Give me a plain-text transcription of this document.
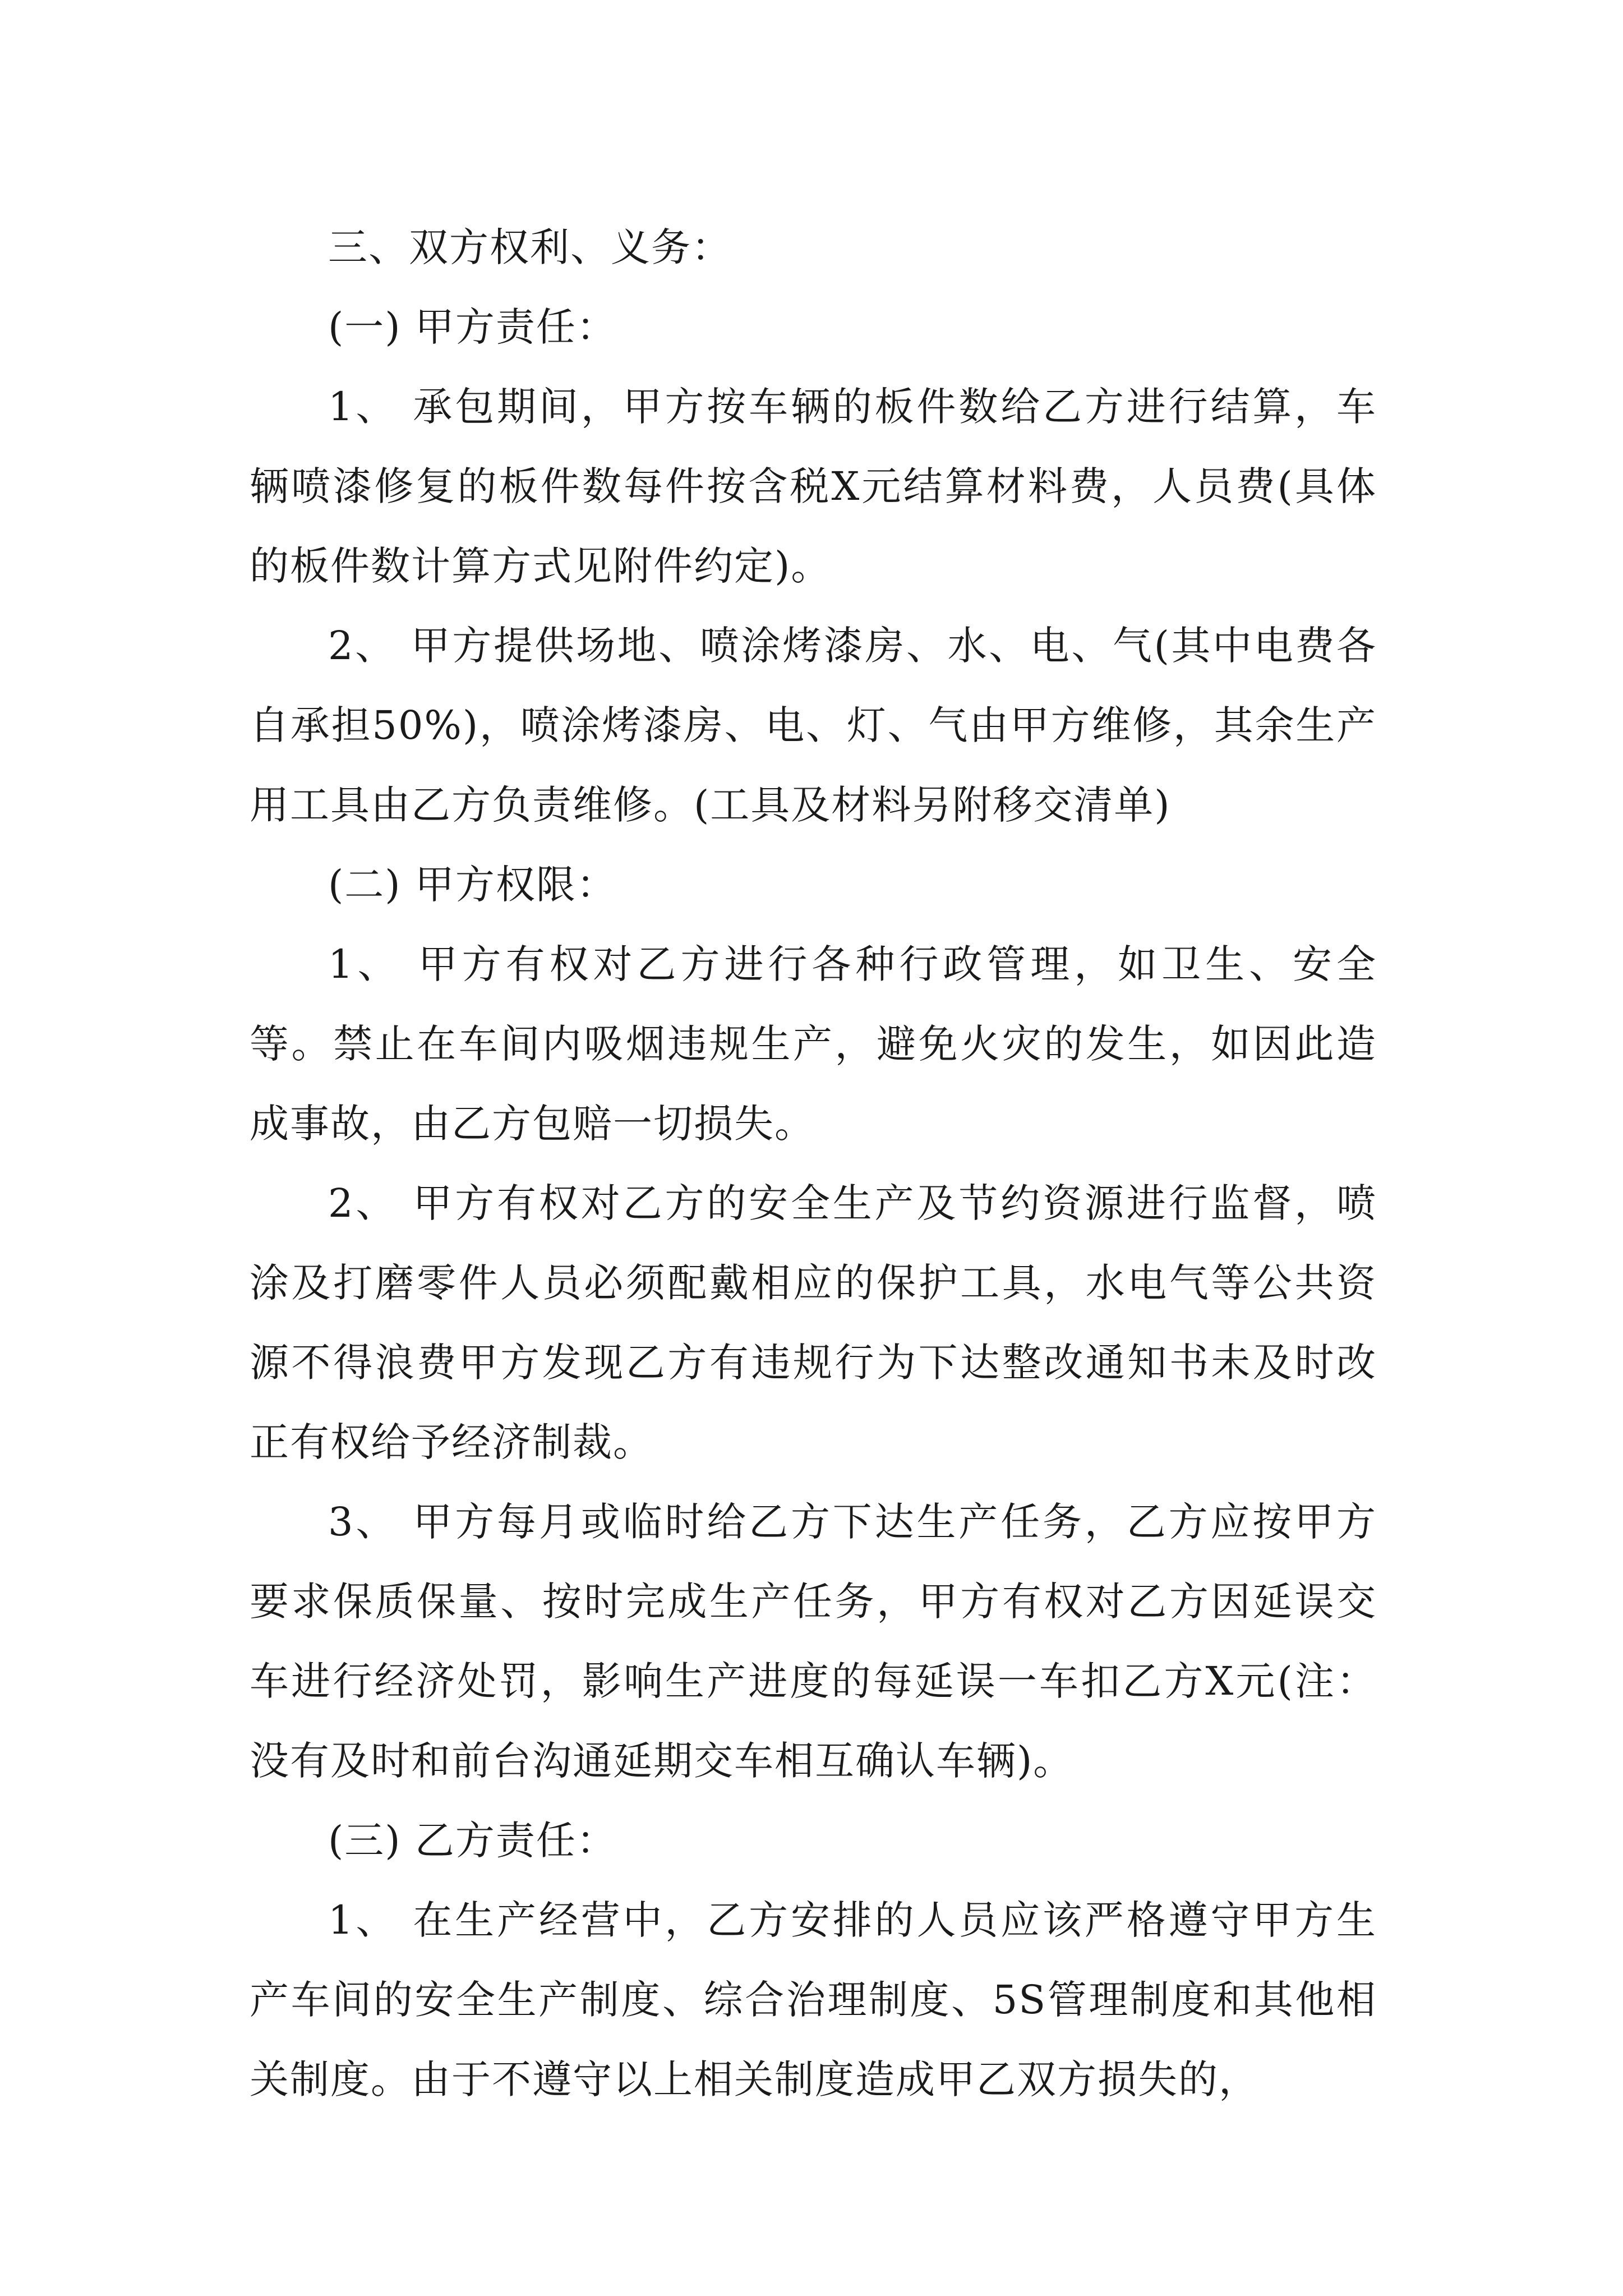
三、双方权利、义务：

(一) 甲方责任：

1、 承包期间，甲方按车辆的板件数给乙方进行结算，车辆喷漆修复的板件数每件按含税X元结算材料费，人员费(具体的板件数计算方式见附件约定)。

2、 甲方提供场地、喷涂烤漆房、水、电、气(其中电费各自承担50%)，喷涂烤漆房、电、灯、气由甲方维修，其余生产用工具由乙方负责维修。(工具及材料另附移交清单)

(二) 甲方权限：

1、 甲方有权对乙方进行各种行政管理，如卫生、安全等。禁止在车间内吸烟违规生产，避免火灾的发生，如因此造成事故，由乙方包赔一切损失。

2、 甲方有权对乙方的安全生产及节约资源进行监督，喷涂及打磨零件人员必须配戴相应的保护工具，水电气等公共资源不得浪费甲方发现乙方有违规行为下达整改通知书未及时改正有权给予经济制裁。

3、 甲方每月或临时给乙方下达生产任务，乙方应按甲方要求保质保量、按时完成生产任务，甲方有权对乙方因延误交车进行经济处罚，影响生产进度的每延误一车扣乙方X元(注：没有及时和前台沟通延期交车相互确认车辆)。

(三) 乙方责任：

1、 在生产经营中，乙方安排的人员应该严格遵守甲方生产车间的安全生产制度、综合治理制度、5S管理制度和其他相关制度。由于不遵守以上相关制度造成甲乙双方损失的，
